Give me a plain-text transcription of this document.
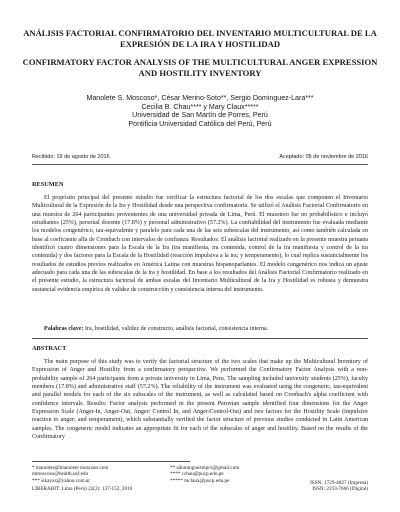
ANÁLISIS FACTORIAL CONFIRMATORIO DEL INVENTARIO MULTICULTURAL DE LA EXPRESIÓN DE LA IRA Y HOSTILIDAD
CONFIRMATORY FACTOR ANALYSIS OF THE MULTICULTURAL ANGER EXPRESSION AND HOSTILITY INVENTORY
Manolete S. Moscoso*, César Merino-Soto**, Sergio Dominguez-Lara***
Cecilia B. Chau**** y Mary Claux*****
Universidad de San Martín de Porres, Perú
Pontificia Universidad Católica del Perú, Perú
Recibido: 19 de agosto de 2016	Aceptado: 05 de noviembre de 2016
RESUMEN
El propósito principal del presente estudio fue verificar la estructura factorial de los dos escalas que componen el Inventario Multicultural de la Expresión de la Ira y Hostilidad desde una perspectiva confirmatoria. Se utilizó el Análisis Factorial Confirmatorio en una muestra de 264 participantes provenientes de una universidad privada de Lima, Perú. El muestreo fue no probabilístico e incluyó estudiantes (25%), personal docente (17.8%) y personal administrativo (57.2%). La confiabilidad del instrumento fue evaluada mediante los modelos congenérico, tau-equivalente y paralelo para cada una de las seis subescalas del instrumento, así como también calculada en base al coeficiente alfa de Cronbach con intervalos de confianza. Resultados: El análisis factorial realizado en la presente muestra peruana identificó cuatro dimensiones para la Escala de la Ira (ira manifiesta, ira contenida, control de la ira manifiesta y control de la ira contenida) y dos factores para la Escala de la Hostilidad (reacción impulsiva a la ira; y temperamento), lo cual replica sustancialmente los resultados de estudios previos realizados en América Latina con muestras hispanoparlantes. El modelo congenérico nos indica un ajuste adecuado para cada una de las subescalas de la ira y hostilidad. En base a los resultados del Análisis Factorial Confirmatorio realizado en el presente estudio, la estructura factorial de ambas escalas del Inventario Multicultural de la Ira y Hostilidad es robusta y demuestra sustancial evidencia empírica de validez de construcción y consistencia interna del instrumento.
Palabras clave: Ira, hostilidad, validez de constructo, análisis factorial, consistencia interna.
ABSTRACT
The main purpose of this study was to verify the factorial structure of the two scales that make up the Multicultural Inventory of Expression of Anger and Hostility from a confirmatory perspective. We performed the Confirmatory Factor Analysis with a non-probability sample of 264 participants from a private university in Lima, Peru. The sampling included university students (25%), faculty members (17.8%) and administrative staff (57.2%). The reliability of the instrument was evaluated using the congeneric, tau-equivalent and parallel models for each of the six subscales of the instrument, as well as calculated based on Cronbach's alpha coefficient with confidence intervals. Results: Factor analysis performed in the present Peruvian sample identified four dimensions for the Anger Expression Scale (Anger-In, Anger-Out, Anger/ Control In, and Anger/Control-Out) and two factors for the Hostility Scale (impulsive reaction to anger; and temperament), which substantially verified the factor structure of previous studies conducted in Latin American samples. The congeneric model indicates an appropriate fit for each of the subscales of anger and hostility. Based on the results of the Confirmatory
* manolete@manolete moscoso.com
mmoscoso@health.usf.edu
*** sikayax@yahoo.com.ar
** sdominguezmpcs@gmail.com
**** cchau@pucp.edu.pe
***** mclaux@pucp.edu.pe
LIBERABIT: Lima (Perú) 22(2): 137-152, 2016
ISSN: 1729-4827 (Impresa)
ISSN: 2233-7666 (Digital)
